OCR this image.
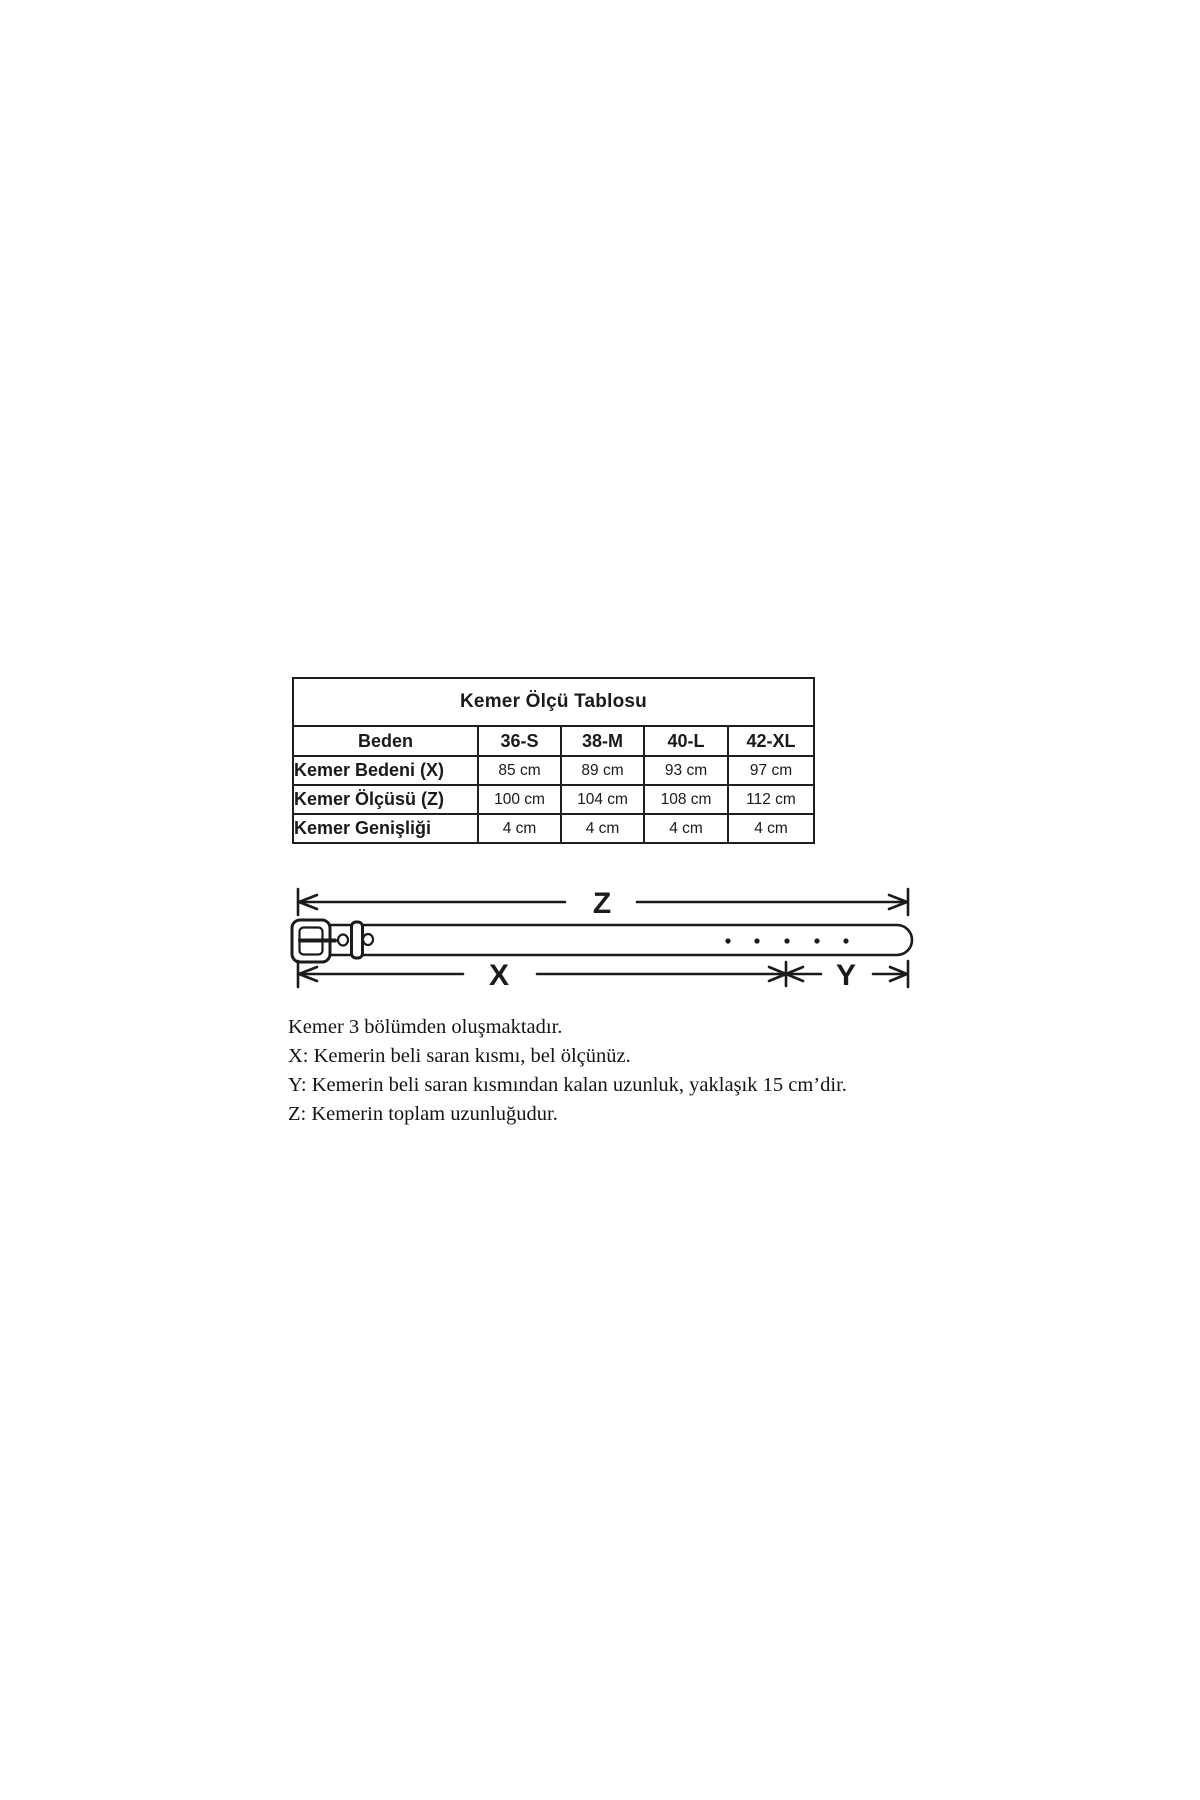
Kemer Ölçü Tablosu				
Beden	36-S	38-M	40-L	42-XL
Kemer Bedeni (X)	85 cm	89 cm	93 cm	97 cm
Kemer Ölçüsü (Z)	100 cm	104 cm	108 cm	112 cm
Kemer Genişliği	4 cm	4 cm	4 cm	4 cm
Z
X	Y

Kemer 3 bölümden oluşmaktadır.

X: Kemerin beli saran kısmı, bel ölçünüz.

Y: Kemerin beli saran kısmından kalan uzunluk, yaklaşık 15 cm’dir.

Z: Kemerin toplam uzunluğudur.
